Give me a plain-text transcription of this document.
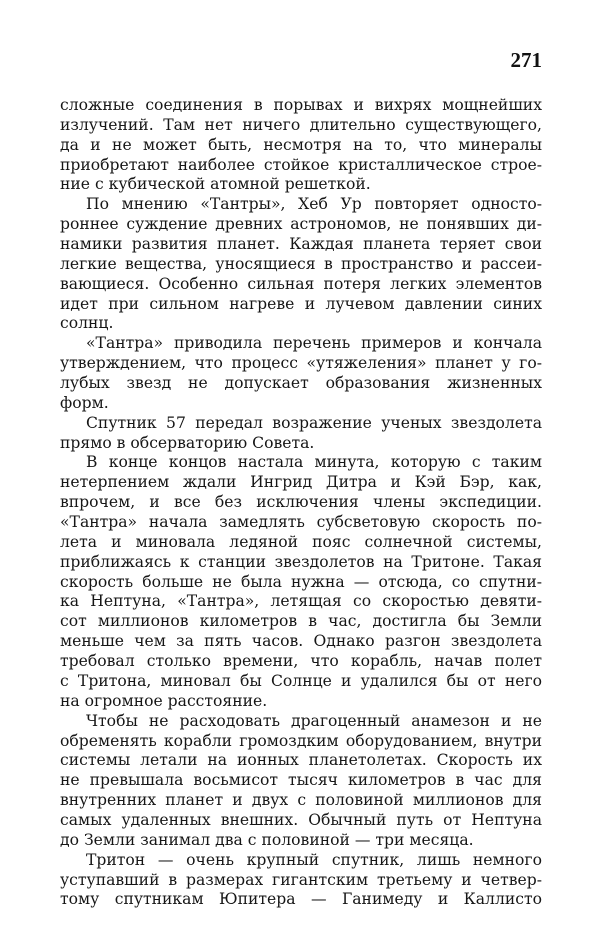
271
сложные соединения в порывах и вихрях мощнейших
излучений. Там нет ничего длительно существующего,
да и не может быть, несмотря на то, что минералы
приобретают наиболее стойкое кристаллическое строе-
ние с кубической атомной решеткой.
По мнению «Тантры», Хеб Ур повторяет односто-
роннее суждение древних астрономов, не понявших ди-
намики развития планет. Каждая планета теряет свои
легкие вещества, уносящиеся в пространство и рассеи-
вающиеся. Особенно сильная потеря легких элементов
идет при сильном нагреве и лучевом давлении синих
солнц.
«Тантра» приводила перечень примеров и кончала
утверждением, что процесс «утяжеления» планет у го-
лубых звезд не допускает образования жизненных
форм.
Спутник 57 передал возражение ученых звездолета
прямо в обсерваторию Совета.
В конце концов настала минута, которую с таким
нетерпением ждали Ингрид Дитра и Кэй Бэр, как,
впрочем, и все без исключения члены экспедиции.
«Тантра» начала замедлять субсветовую скорость по-
лета и миновала ледяной пояс солнечной системы,
приближаясь к станции звездолетов на Тритоне. Такая
скорость больше не была нужна — отсюда, со спутни-
ка Нептуна, «Тантра», летящая со скоростью девяти-
сот миллионов километров в час, достигла бы Земли
меньше чем за пять часов. Однако разгон звездолета
требовал столько времени, что корабль, начав полет
с Тритона, миновал бы Солнце и удалился бы от него
на огромное расстояние.
Чтобы не расходовать драгоценный анамезон и не
обременять корабли громоздким оборудованием, внутри
системы летали на ионных планетолетах. Скорость их
не превышала восьмисот тысяч километров в час для
внутренних планет и двух с половиной миллионов для
самых удаленных внешних. Обычный путь от Нептуна
до Земли занимал два с половиной — три месяца.
Тритон — очень крупный спутник, лишь немного
уступавший в размерах гигантским третьему и четвер-
тому спутникам Юпитера — Ганимеду и Каллисто
